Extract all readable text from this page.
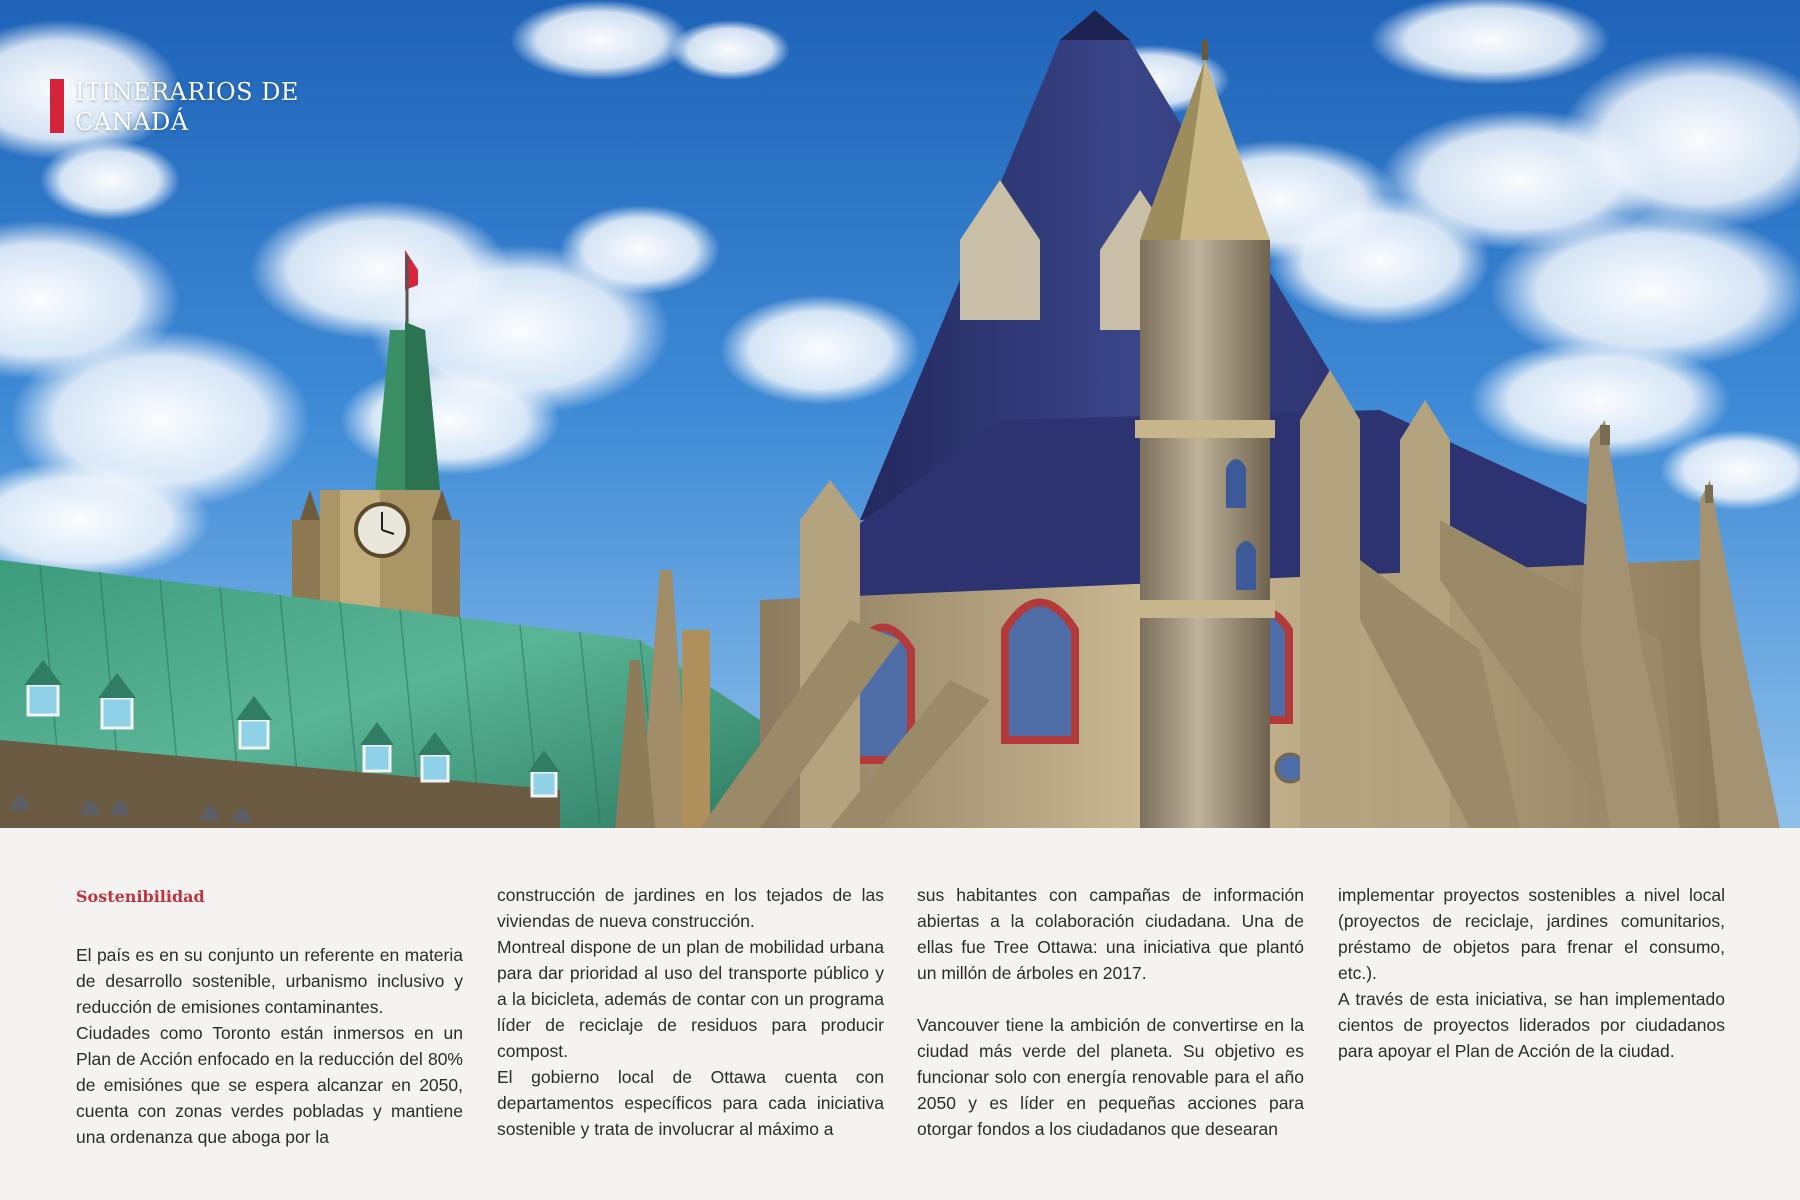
ITINERARIOS DE
CANADÁ
Sostenibilidad

El país es en su conjunto un referente en materia de desarrollo sostenible, urbanismo inclusivo y reducción de emisiones contaminantes.

Ciudades como Toronto están inmersos en un Plan de Acción enfocado en la reducción del 80% de emisiónes que se espera alcanzar en 2050, cuenta con zonas verdes pobladas y mantiene una ordenanza que aboga por la

construcción de jardines en los tejados de las viviendas de nueva construcción.

Montreal dispone de un plan de mobilidad urbana para dar prioridad al uso del transporte público y a la bicicleta, además de contar con un programa líder de reciclaje de residuos para producir compost.

El gobierno local de Ottawa cuenta con departamentos específicos para cada iniciativa sostenible y trata de involucrar al máximo a

sus habitantes con campañas de información abiertas a la colaboración ciudadana. Una de ellas fue Tree Ottawa: una iniciativa que plantó un millón de árboles en 2017.

Vancouver tiene la ambición de convertirse en la ciudad más verde del planeta. Su objetivo es funcionar solo con energía renovable para el año 2050 y es líder en pequeñas acciones para otorgar fondos a los ciudadanos que desearan

implementar proyectos sostenibles a nivel local (proyectos de reciclaje, jardines comunitarios, préstamo de objetos para frenar el consumo, etc.).

A través de esta iniciativa, se han implementado cientos de proyectos liderados por ciudadanos para apoyar el Plan de Acción de la ciudad.
